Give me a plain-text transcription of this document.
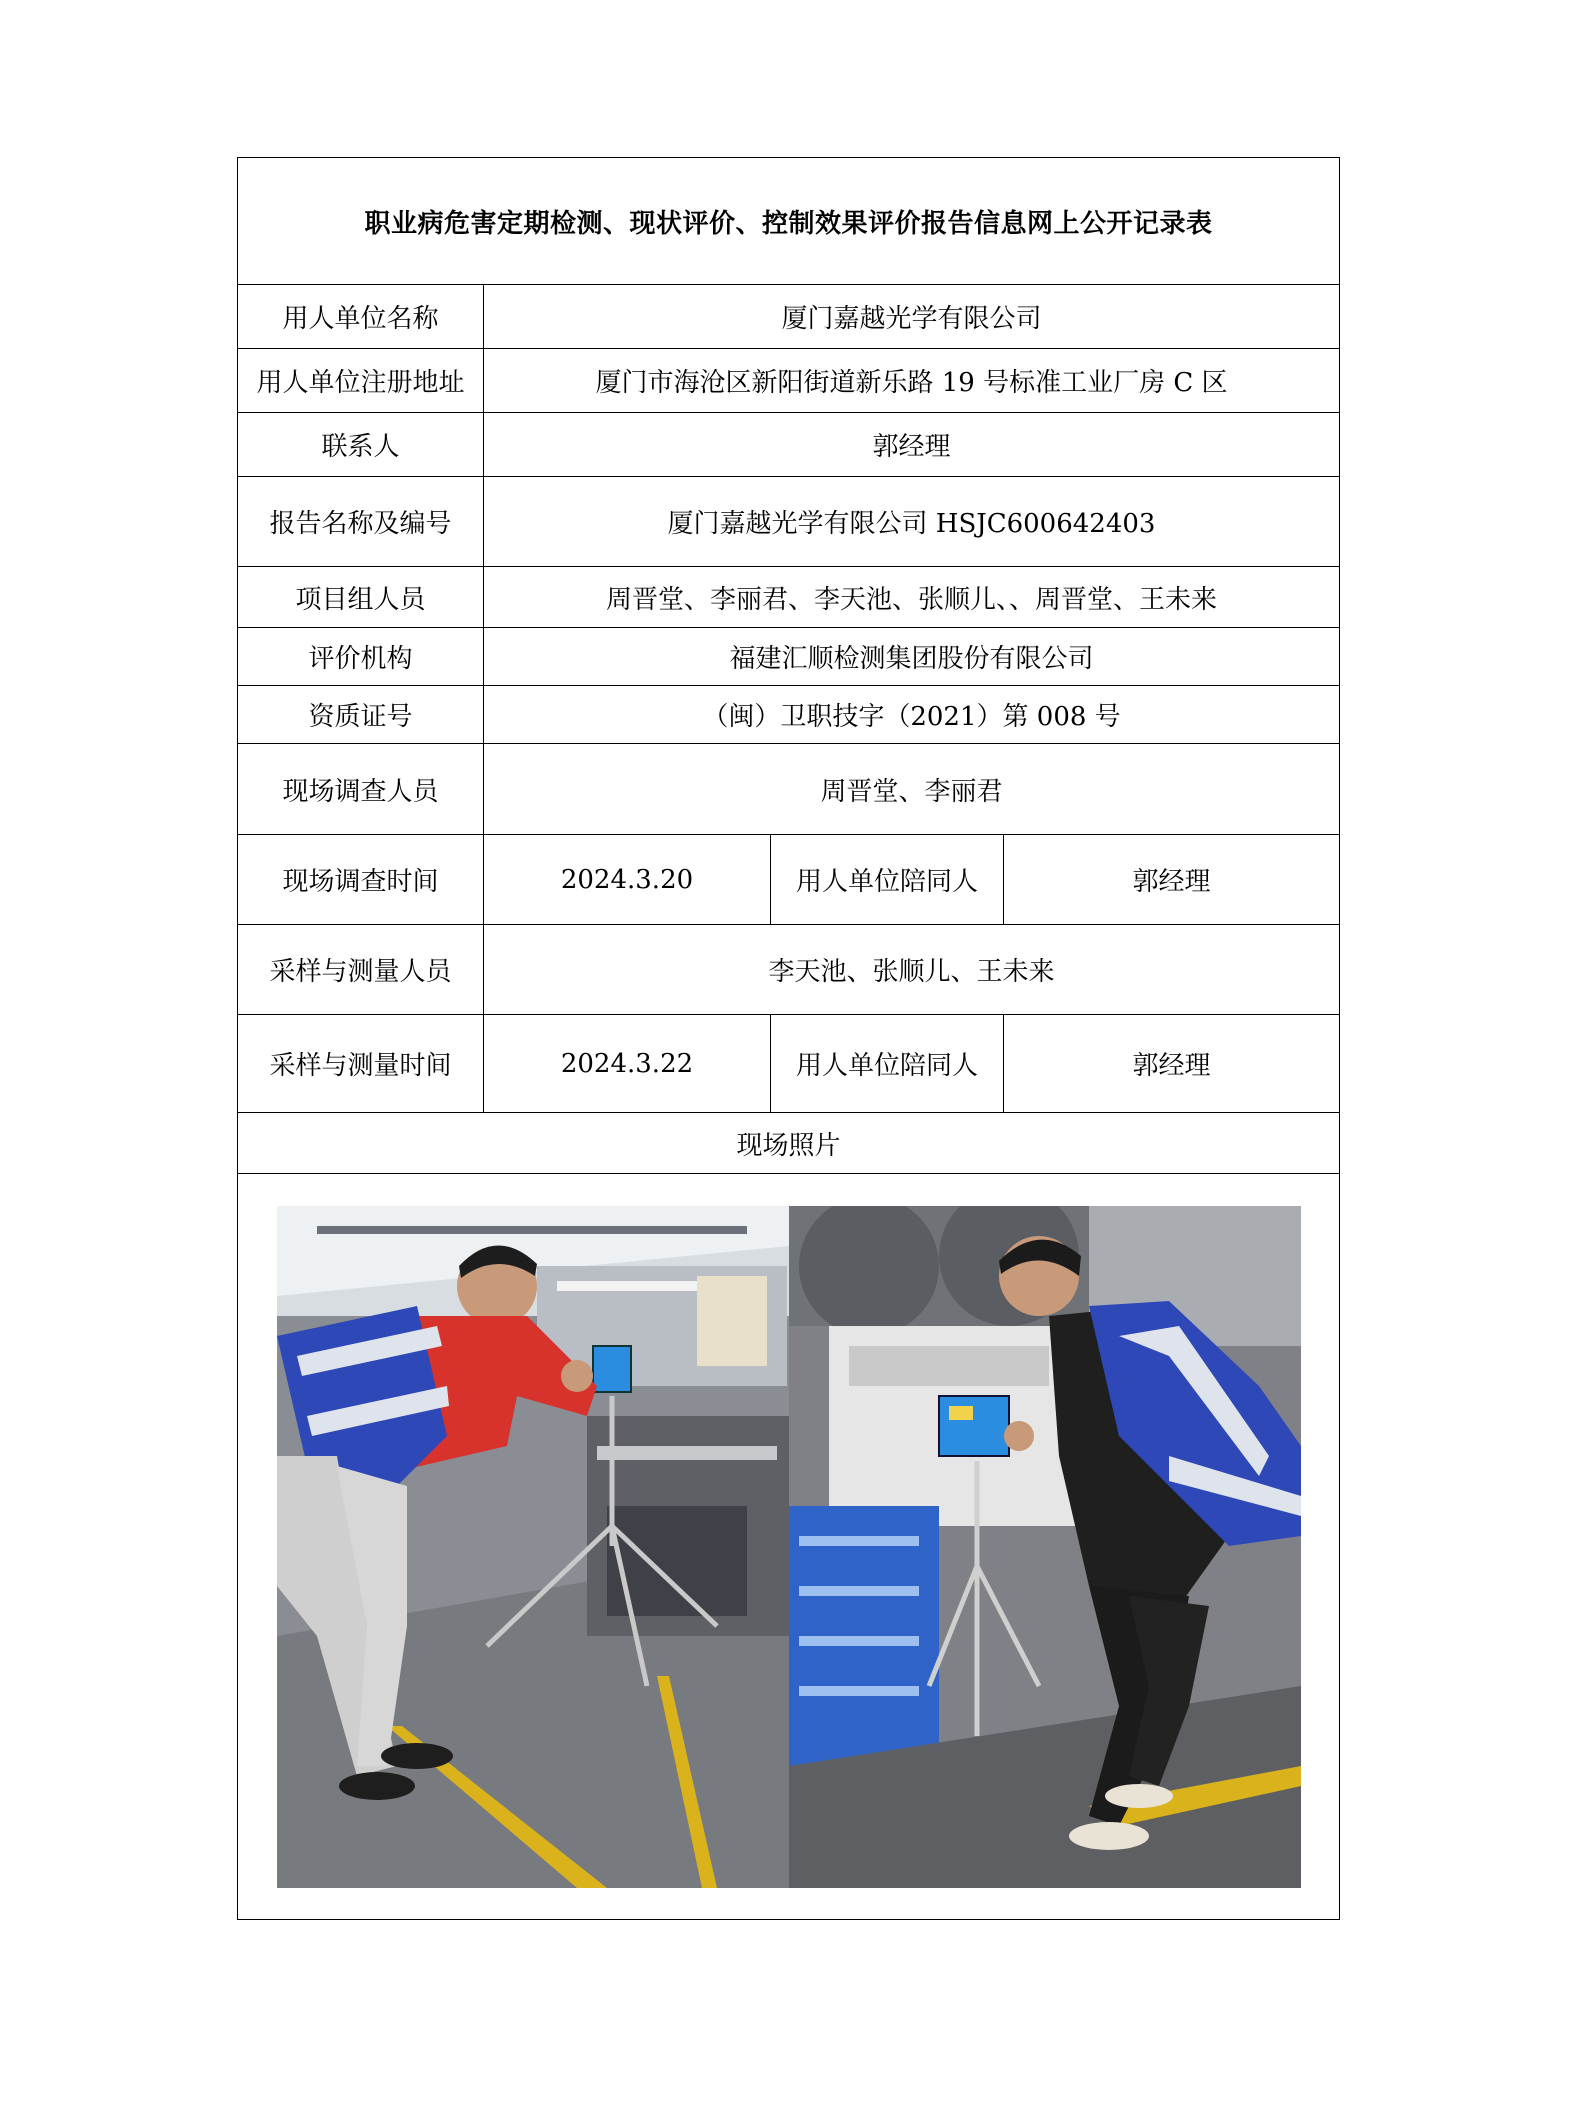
职业病危害定期检测、现状评价、控制效果评价报告信息网上公开记录表			
用人单位名称	厦门嘉越光学有限公司		
用人单位注册地址	厦门市海沧区新阳街道新乐路 19 号标准工业厂房 C 区		
联系人	郭经理		
报告名称及编号	厦门嘉越光学有限公司 HSJC600642403		
项目组人员	周晋堂、李丽君、李天池、张顺儿、、周晋堂、王未来		
评价机构	福建汇顺检测集团股份有限公司		
资质证号	（闽）卫职技字（2021）第 008 号		
现场调查人员	周晋堂、李丽君		
现场调查时间	2024.3.20	用人单位陪同人	郭经理
采样与测量人员	李天池、张顺儿、王未来		
采样与测量时间	2024.3.22	用人单位陪同人	郭经理
现场照片			
